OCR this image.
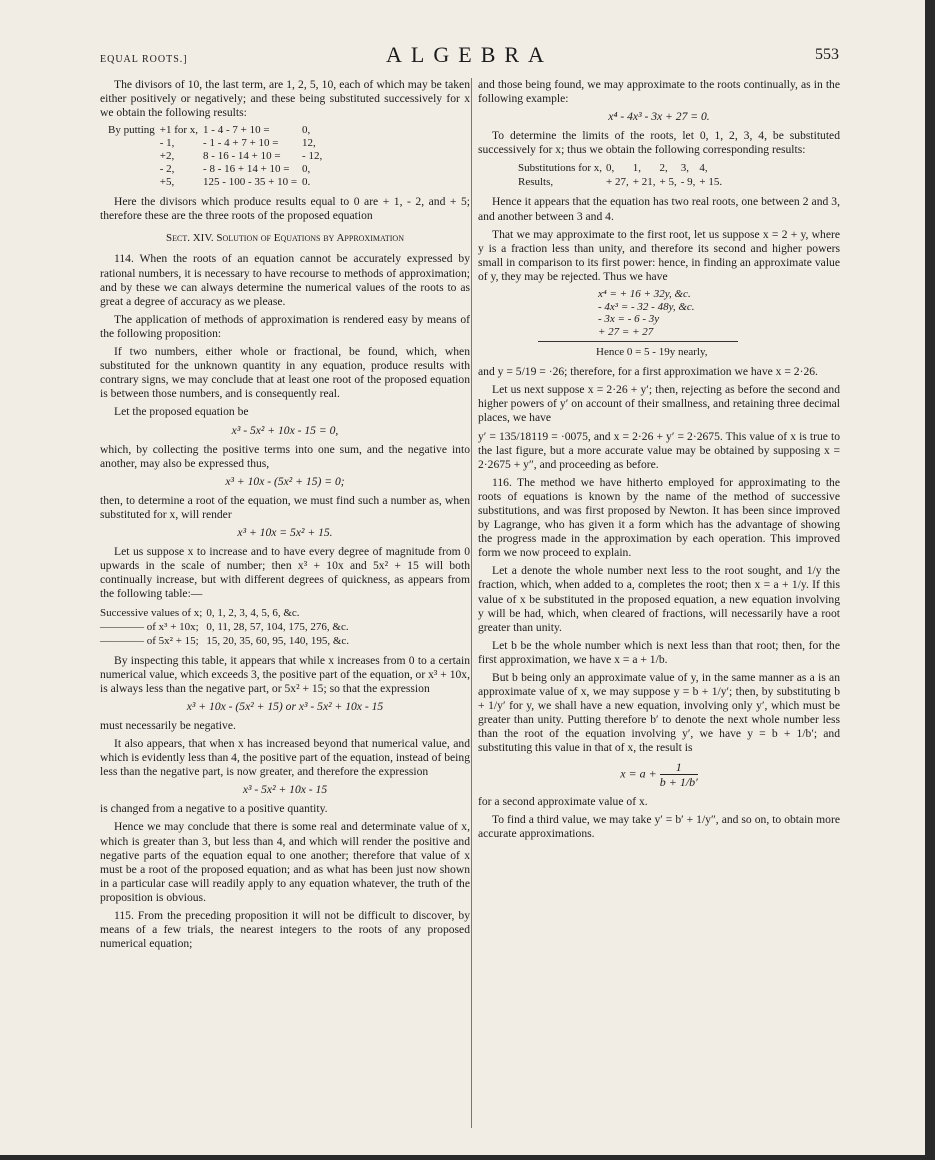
EQUAL ROOTS.]	ALGEBRA	553

The divisors of 10, the last term, are 1, 2, 5, 10, each of which may be taken either positively or negatively; and these being substituted successively for x we obtain the following results:

By putting	+1 for x,	1 - 4 - 7 + 10 =	0,
	- 1,	- 1 - 4 + 7 + 10 =	12,
	+2,	8 - 16 - 14 + 10 =	- 12,
	- 2,	- 8 - 16 + 14 + 10 =	0,
	+5,	125 - 100 - 35 + 10 =	0.

Here the divisors which produce results equal to 0 are + 1, - 2, and + 5; therefore these are the three roots of the proposed equation

Sect. XIV. Solution of Equations by Approximation

114. When the roots of an equation cannot be accurately expressed by rational numbers, it is necessary to have recourse to methods of approximation; and by these we can always determine the numerical values of the roots to as great a degree of accuracy as we please.

The application of methods of approximation is rendered easy by means of the following proposition:

If two numbers, either whole or fractional, be found, which, when substituted for the unknown quantity in any equation, produce results with contrary signs, we may conclude that at least one root of the proposed equation is between those numbers, and is consequently real.

Let the proposed equation be

x³ - 5x² + 10x - 15 = 0,

which, by collecting the positive terms into one sum, and the negative into another, may also be expressed thus,

x³ + 10x - (5x² + 15) = 0;

then, to determine a root of the equation, we must find such a number as, when substituted for x, will render

x³ + 10x = 5x² + 15.

Let us suppose x to increase and to have every degree of magnitude from 0 upwards in the scale of number; then x³ + 10x and 5x² + 15 will both continually increase, but with different degrees of quickness, as appears from the following table:—

Successive values of x;	0, 1, 2, 3, 4, 5, 6, &c.
———— of x³ + 10x;	0, 11, 28, 57, 104, 175, 276, &c.
———— of 5x² + 15;	15, 20, 35, 60, 95, 140, 195, &c.

By inspecting this table, it appears that while x increases from 0 to a certain numerical value, which exceeds 3, the positive part of the equation, or x³ + 10x, is always less than the negative part, or 5x² + 15; so that the expression

x³ + 10x - (5x² + 15) or x³ - 5x² + 10x - 15

must necessarily be negative.

It also appears, that when x has increased beyond that numerical value, and which is evidently less than 4, the positive part of the equation, instead of being less than the negative part, is now greater, and therefore the expression

x³ - 5x² + 10x - 15

is changed from a negative to a positive quantity.

Hence we may conclude that there is some real and determinate value of x, which is greater than 3, but less than 4, and which will render the positive and negative parts of the equation equal to one another; therefore that value of x must be a root of the proposed equation; and as what has been just now shown in a particular case will readily apply to any equation whatever, the truth of the proposition is obvious.

115. From the preceding proposition it will not be difficult to discover, by means of a few trials, the nearest integers to the roots of any proposed numerical equation;

and those being found, we may approximate to the roots continually, as in the following example:

x⁴ - 4x³ - 3x + 27 = 0.

To determine the limits of the roots, let 0, 1, 2, 3, 4, be substituted successively for x; thus we obtain the following corresponding results:

Substitutions for x,	0,	1,	2,	3,	4,
Results,	+ 27,	+ 21,	+ 5,	- 9,	+ 15.

Hence it appears that the equation has two real roots, one between 2 and 3, and another between 3 and 4.

That we may approximate to the first root, let us suppose x = 2 + y, where y is a fraction less than unity, and therefore its second and higher powers small in comparison to its first power: hence, in finding an approximate value of y, they may be rejected. Thus we have

x⁴ = + 16 + 32y, &c.
- 4x³ = - 32 - 48y, &c.
- 3x = - 6 - 3y
+ 27 = + 27
Hence 0 = 5 - 19y nearly,

and y = 5/19 = ·26; therefore, for a first approximation we have x = 2·26.

Let us next suppose x = 2·26 + y′; then, rejecting as before the second and higher powers of y′ on account of their smallness, and retaining three decimal places, we have

y′ = 135/18119 = ·0075, and x = 2·26 + y′ = 2·2675. This value of x is true to the last figure, but a more accurate value may be obtained by supposing x = 2·2675 + y″, and proceeding as before.

116. The method we have hitherto employed for approximating to the roots of equations is known by the name of the method of successive substitutions, and was first proposed by Newton. It has been since improved by Lagrange, who has given it a form which has the advantage of showing the progress made in the approximation by each operation. This improved form we now proceed to explain.

Let a denote the whole number next less to the root sought, and 1/y the fraction, which, when added to a, completes the root; then x = a + 1/y. If this value of x be substituted in the proposed equation, a new equation involving y will be had, which, when cleared of fractions, will necessarily have a root greater than unity.

Let b be the whole number which is next less than that root; then, for the first approximation, we have x = a + 1/b.

But b being only an approximate value of y, in the same manner as a is an approximate value of x, we may suppose y = b + 1/y′; then, by substituting b + 1/y′ for y, we shall have a new equation, involving only y′, which must be greater than unity. Putting therefore b′ to denote the next whole number less than the root of the equation involving y′, we have y = b + 1/b′; and substituting this value in that of x, the result is

$x = a + \frac{1}{b + 1/b'}$

for a second approximate value of x.

To find a third value, we may take y′ = b′ + 1/y″, and so on, to obtain more accurate approximations.
